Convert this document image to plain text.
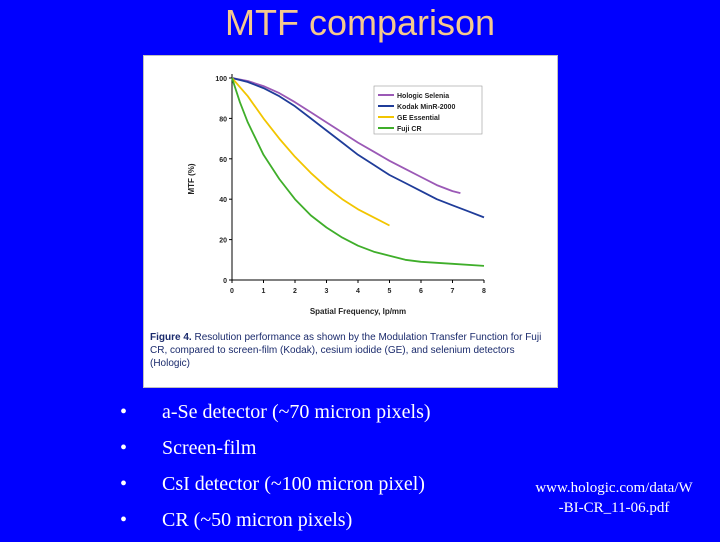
MTF comparison
0
20
40
60
80
100
0	1	2	3	4	5	6	7	8
Spatial Frequency, lp/mm
MTF (%)
Hologic Selenia
Kodak MinR-2000
GE Essential
Fuji CR
Figure 4. Resolution performance as shown by the Modulation Transfer Function for Fuji CR, compared to screen-film (Kodak), cesium iodide (GE), and selenium detectors (Hologic)
• a-Se detector (~70 micron pixels)
• Screen-film
• CsI detector (~100 micron pixel)
• CR (~50 micron pixels)
www.hologic.com/data/W
-BI-CR_11-06.pdf
